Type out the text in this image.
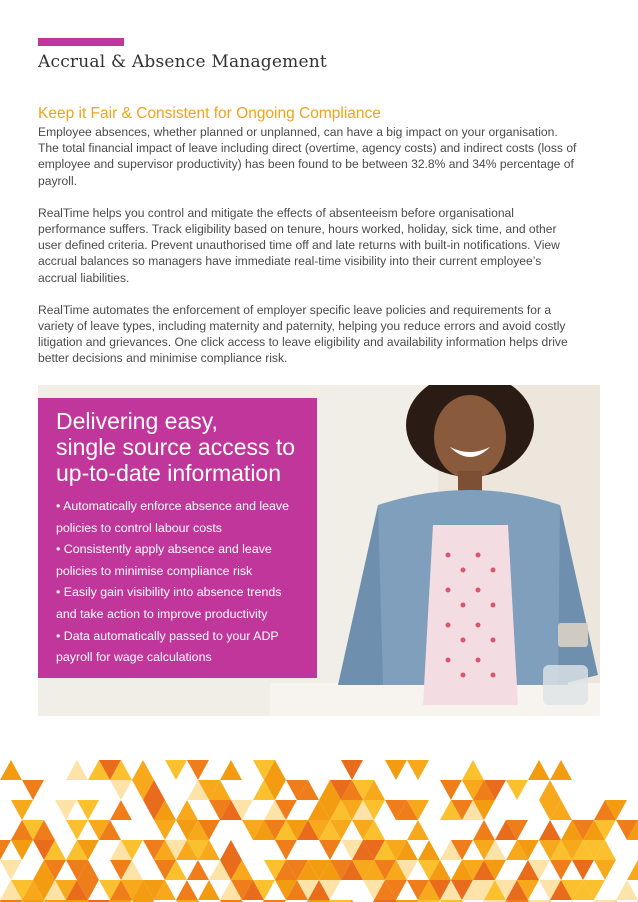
Accrual & Absence Management
Keep it Fair & Consistent for Ongoing Compliance

Employee absences, whether planned or unplanned, can have a big impact on your organisation. The total financial impact of leave including direct (overtime, agency costs) and indirect costs (loss of employee and supervisor productivity) has been found to be between 32.8% and 34% percentage of payroll.

RealTime helps you control and mitigate the effects of absenteeism before organisational performance suffers. Track eligibility based on tenure, hours worked, holiday, sick time, and other user defined criteria. Prevent unauthorised time off and late returns with built-in notifications. View accrual balances so managers have immediate real-time visibility into their current employee’s accrual liabilities.

RealTime automates the enforcement of employer specific leave policies and requirements for a variety of leave types, including maternity and paternity, helping you reduce errors and avoid costly litigation and grievances. One click access to leave eligibility and availability information helps drive better decisions and minimise compliance risk.

Delivering easy,
single source access to
up-to-date information
• Automatically enforce absence and leave policies to control labour costs
• Consistently apply absence and leave policies to minimise compliance risk
• Easily gain visibility into absence trends and take action to improve productivity
• Data automatically passed to your ADP payroll for wage calculations
